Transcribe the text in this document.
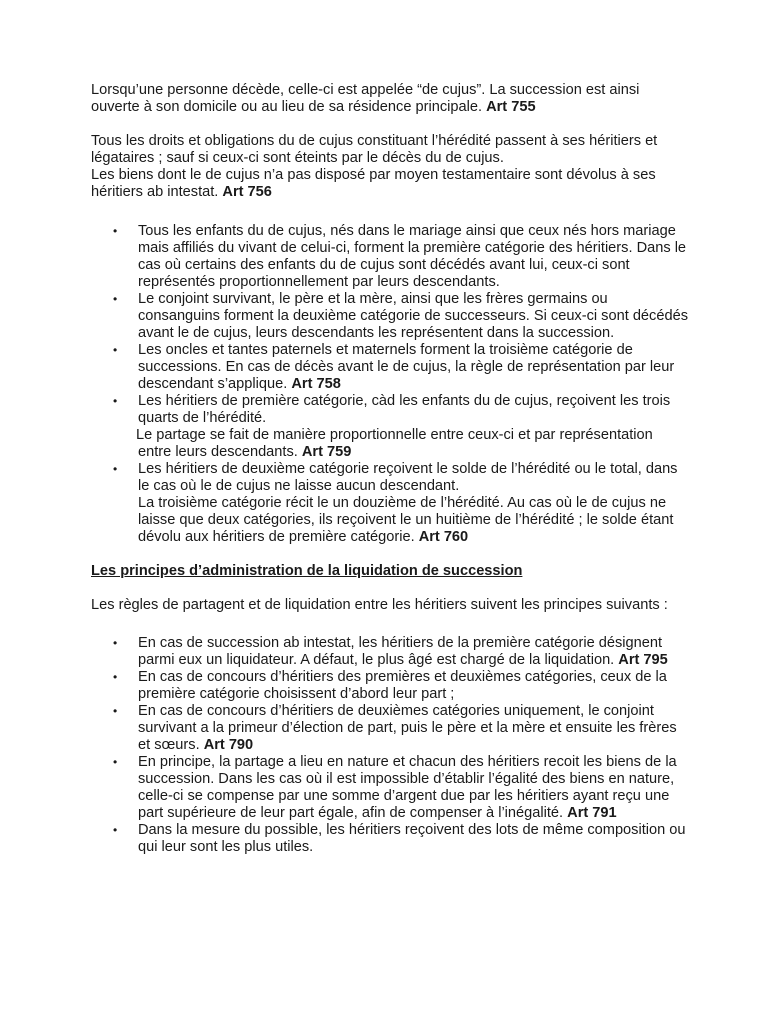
Lorsqu’une personne décède, celle-ci est appelée “de cujus”. La succession est ainsi ouverte à son domicile ou au lieu de sa résidence principale. Art 755

Tous les droits et obligations du de cujus constituant l’hérédité passent à ses héritiers et légataires ; sauf si ceux-ci sont éteints par le décès du de cujus.
Les biens dont le de cujus n’a pas disposé par moyen testamentaire sont dévolus à ses héritiers ab intestat. Art 756

• Tous les enfants du de cujus, nés dans le mariage ainsi que ceux nés hors mariage mais affiliés du vivant de celui-ci, forment la première catégorie des héritiers. Dans le cas où certains des enfants du de cujus sont décédés avant lui, ceux-ci sont représentés proportionnellement par leurs descendants.
• Le conjoint survivant, le père et la mère, ainsi que les frères germains ou consanguins forment la deuxième catégorie de successeurs. Si ceux-ci sont décédés avant le de cujus, leurs descendants les représentent dans la succession.
• Les oncles et tantes paternels et maternels forment la troisième catégorie de successions. En cas de décès avant le de cujus, la règle de représentation par leur descendant s’applique. Art 758
• Les héritiers de première catégorie, càd les enfants du de cujus, reçoivent les trois quarts de l’hérédité.
Le partage se fait de manière proportionnelle entre ceux-ci et par représentation entre leurs descendants. Art 759
• Les héritiers de deuxième catégorie reçoivent le solde de l’hérédité ou le total, dans le cas où le de cujus ne laisse aucun descendant.
La troisième catégorie récit le un douzième de l’hérédité. Au cas où le de cujus ne laisse que deux catégories, ils reçoivent le un huitième de l’hérédité ; le solde étant dévolu aux héritiers de première catégorie. Art 760

Les principes d’administration de la liquidation de succession

Les règles de partagent et de liquidation entre les héritiers suivent les principes suivants :

• En cas de succession ab intestat, les héritiers de la première catégorie désignent parmi eux un liquidateur. A défaut, le plus âgé est chargé de la liquidation. Art 795
• En cas de concours d’héritiers des premières et deuxièmes catégories, ceux de la première catégorie choisissent d’abord leur part ;
• En cas de concours d’héritiers de deuxièmes catégories uniquement, le conjoint survivant a la primeur d’élection de part, puis le père et la mère et ensuite les frères et sœurs. Art 790
• En principe, la partage a lieu en nature et chacun des héritiers recoit les biens de la succession. Dans les cas où il est impossible d’établir l’égalité des biens en nature, celle-ci se compense par une somme d’argent due par les héritiers ayant reçu une part supérieure de leur part égale, afin de compenser à l’inégalité. Art 791
• Dans la mesure du possible, les héritiers reçoivent des lots de même composition ou qui leur sont les plus utiles.
